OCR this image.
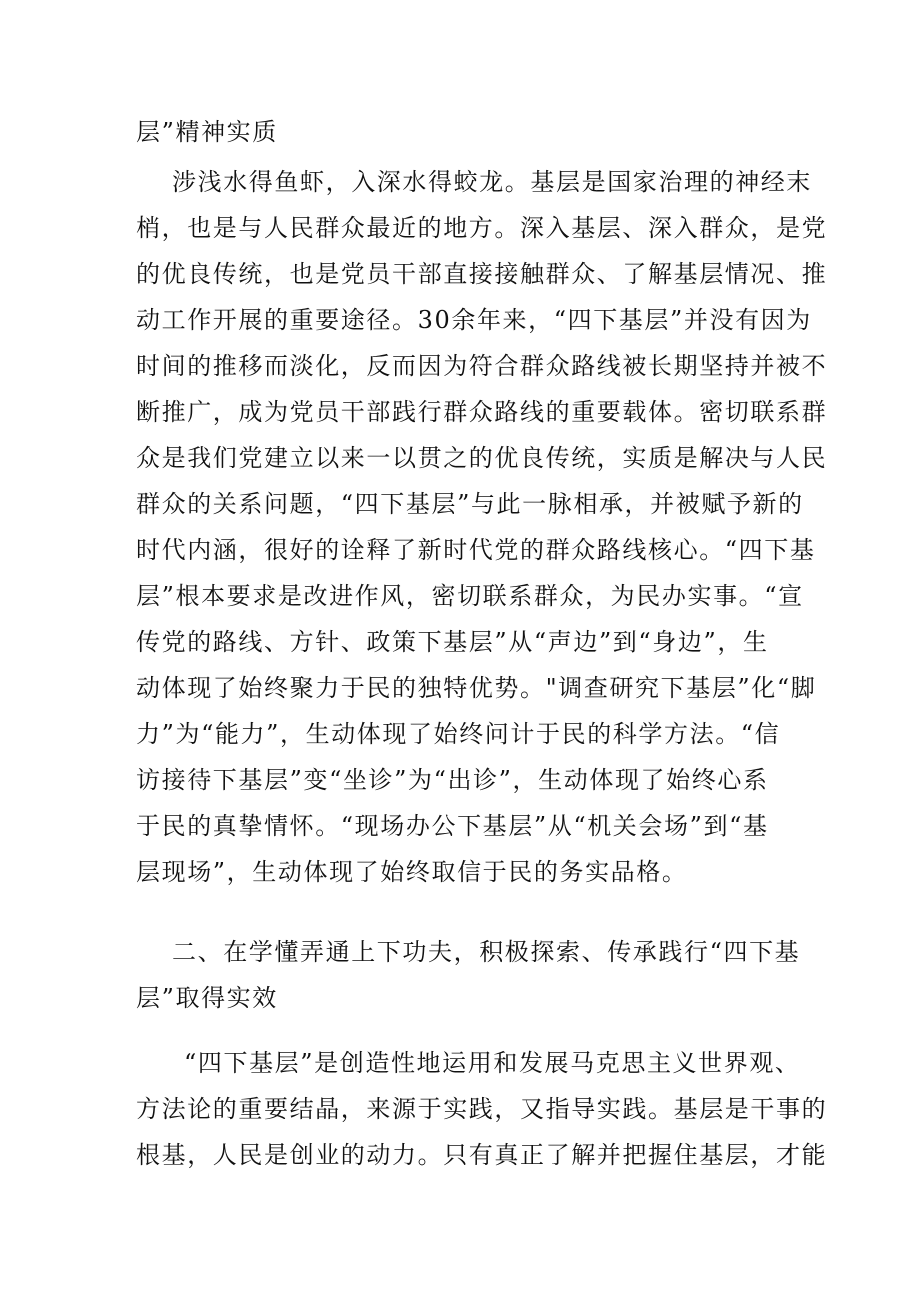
层”精神实质
涉浅水得鱼虾，入深水得蛟龙。基层是国家治理的神经末
梢，也是与人民群众最近的地方。深入基层、深入群众，是党
的优良传统，也是党员干部直接接触群众、了解基层情况、推
动工作开展的重要途径。30余年来，“四下基层”并没有因为
时间的推移而淡化，反而因为符合群众路线被长期坚持并被不
断推广，成为党员干部践行群众路线的重要载体。密切联系群
众是我们党建立以来一以贯之的优良传统，实质是解决与人民
群众的关系问题，“四下基层”与此一脉相承，并被赋予新的
时代内涵，很好的诠释了新时代党的群众路线核心。“四下基
层”根本要求是改进作风，密切联系群众，为民办实事。“宣
传党的路线、方针、政策下基层”从“声边”到“身边”，生
动体现了始终聚力于民的独特优势。"调查研究下基层”化“脚
力”为“能力”，生动体现了始终问计于民的科学方法。“信
访接待下基层”变“坐诊”为“出诊”，生动体现了始终心系
于民的真挚情怀。“现场办公下基层”从“机关会场”到“基
层现场”，生动体现了始终取信于民的务实品格。
二、在学懂弄通上下功夫，积极探索、传承践行“四下基
层”取得实效
“四下基层”是创造性地运用和发展马克思主义世界观、
方法论的重要结晶，来源于实践，又指导实践。基层是干事的
根基，人民是创业的动力。只有真正了解并把握住基层，才能
